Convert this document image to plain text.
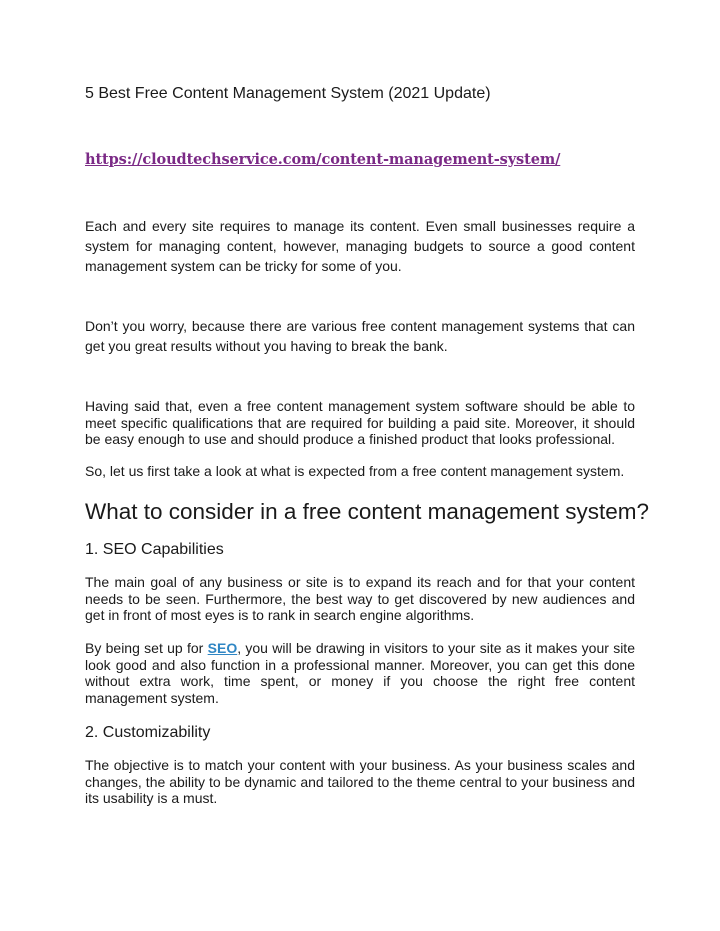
5 Best Free Content Management System (2021 Update)

https://cloudtechservice.com/content-management-system/

Each and every site requires to manage its content. Even small businesses require a system for managing content, however, managing budgets to source a good content management system can be tricky for some of you.

Don’t you worry, because there are various free content management systems that can get you great results without you having to break the bank.

Having said that, even a free content management system software should be able to meet specific qualifications that are required for building a paid site. Moreover, it should be easy enough to use and should produce a finished product that looks professional.

So, let us first take a look at what is expected from a free content management system.

What to consider in a free content management system?
1. SEO Capabilities

The main goal of any business or site is to expand its reach and for that your content needs to be seen. Furthermore, the best way to get discovered by new audiences and get in front of most eyes is to rank in search engine algorithms.

By being set up for SEO, you will be drawing in visitors to your site as it makes your site look good and also function in a professional manner. Moreover, you can get this done without extra work, time spent, or money if you choose the right free content management system.

2. Customizability

The objective is to match your content with your business. As your business scales and changes, the ability to be dynamic and tailored to the theme central to your business and its usability is a must.
